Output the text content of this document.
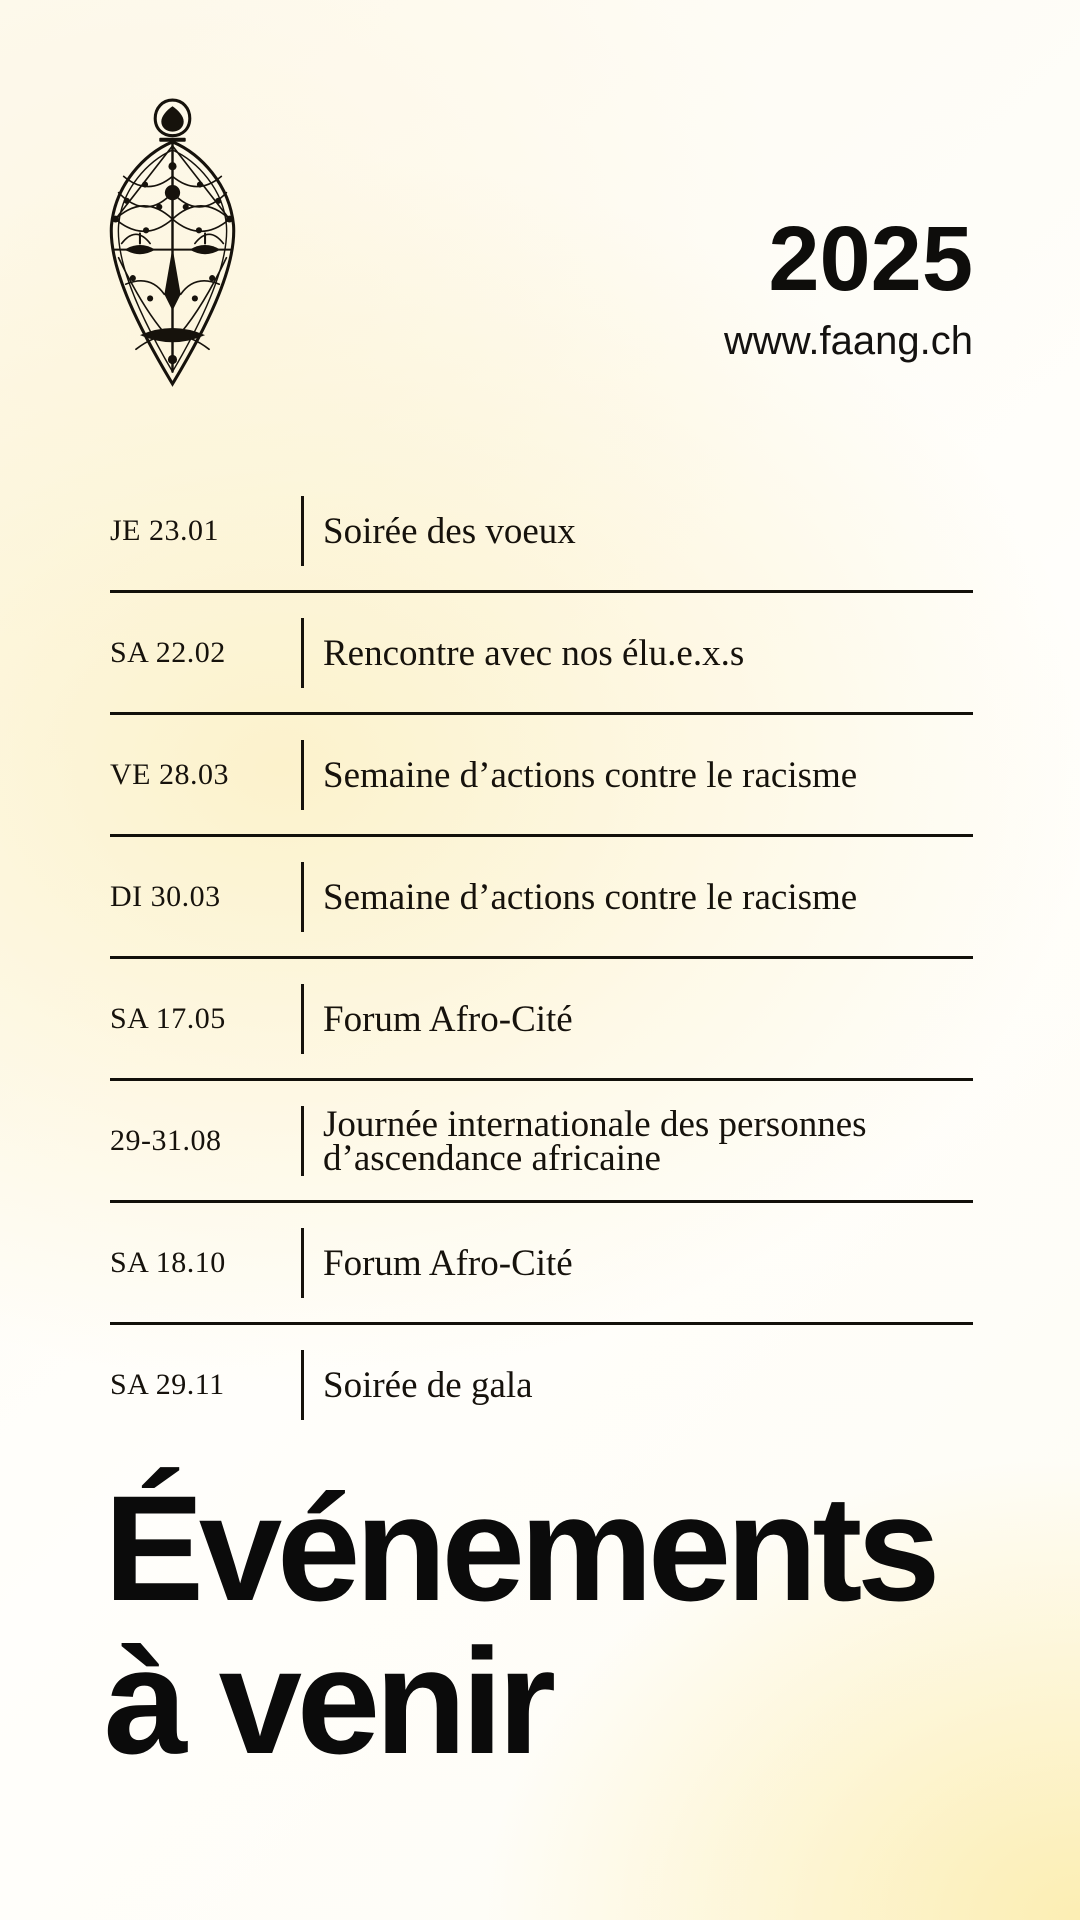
2025
www.faang.ch
JE 23.01	Soirée des voeux
SA 22.02	Rencontre avec nos élu.e.x.s
VE 28.03	Semaine d’actions contre le racisme
DI 30.03	Semaine d’actions contre le racisme
SA 17.05	Forum Afro-Cité
29-31.08	Journée internationale des personnes d’ascendance africaine
SA 18.10	Forum Afro-Cité
SA 29.11	Soirée de gala
Événements
à venir
